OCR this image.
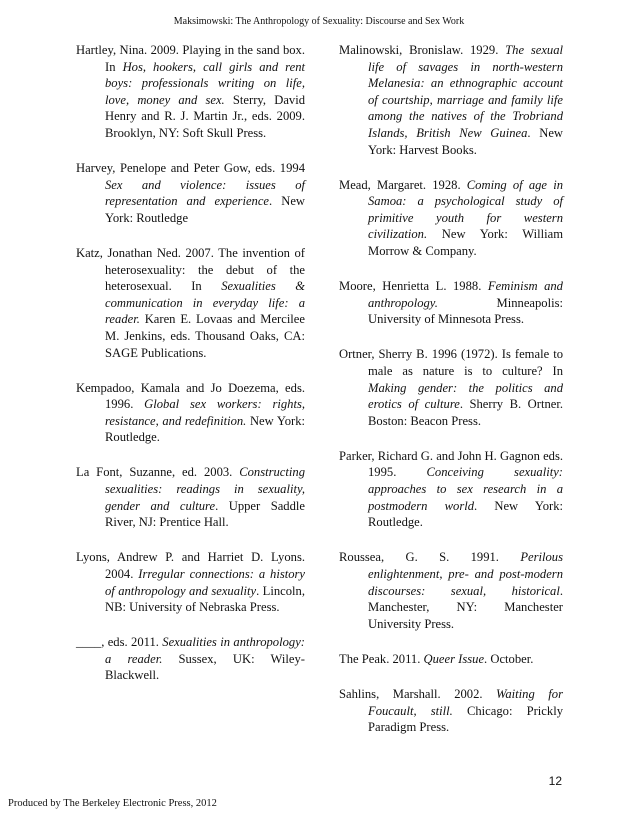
Maksimowski: The Anthropology of Sexuality: Discourse and Sex Work

Hartley, Nina. 2009. Playing in the sand box. In Hos, hookers, call girls and rent boys: professionals writing on life, love, money and sex. Sterry, David Henry and R. J. Martin Jr., eds. 2009. Brooklyn, NY: Soft Skull Press.

Harvey, Penelope and Peter Gow, eds. 1994 Sex and violence: issues of representation and experience. New York: Routledge

Katz, Jonathan Ned. 2007. The invention of heterosexuality: the debut of the heterosexual. In Sexualities & communication in everyday life: a reader. Karen E. Lovaas and Mercilee M. Jenkins, eds. Thousand Oaks, CA: SAGE Publications.

Kempadoo, Kamala and Jo Doezema, eds. 1996. Global sex workers: rights, resistance, and redefinition. New York: Routledge.

La Font, Suzanne, ed. 2003. Constructing sexualities: readings in sexuality, gender and culture. Upper Saddle River, NJ: Prentice Hall.

Lyons, Andrew P. and Harriet D. Lyons. 2004. Irregular connections: a history of anthropology and sexuality. Lincoln, NB: University of Nebraska Press.

____, eds. 2011. Sexualities in anthropology: a reader. Sussex, UK: Wiley-Blackwell.

Malinowski, Bronislaw. 1929. The sexual life of savages in north-western Melanesia: an ethnographic account of courtship, marriage and family life among the natives of the Trobriand Islands, British New Guinea. New York: Harvest Books.

Mead, Margaret. 1928. Coming of age in Samoa: a psychological study of primitive youth for western civilization. New York: William Morrow & Company.

Moore, Henrietta L. 1988. Feminism and anthropology. Minneapolis: University of Minnesota Press.

Ortner, Sherry B. 1996 (1972). Is female to male as nature is to culture? In Making gender: the politics and erotics of culture. Sherry B. Ortner. Boston: Beacon Press.

Parker, Richard G. and John H. Gagnon eds. 1995. Conceiving sexuality: approaches to sex research in a postmodern world. New York: Routledge.

Roussea, G. S. 1991. Perilous enlightenment, pre- and post-modern discourses: sexual, historical. Manchester, NY: Manchester University Press.

The Peak. 2011. Queer Issue. October.

Sahlins, Marshall. 2002. Waiting for Foucault, still. Chicago: Prickly Paradigm Press.

12
Produced by The Berkeley Electronic Press, 2012
